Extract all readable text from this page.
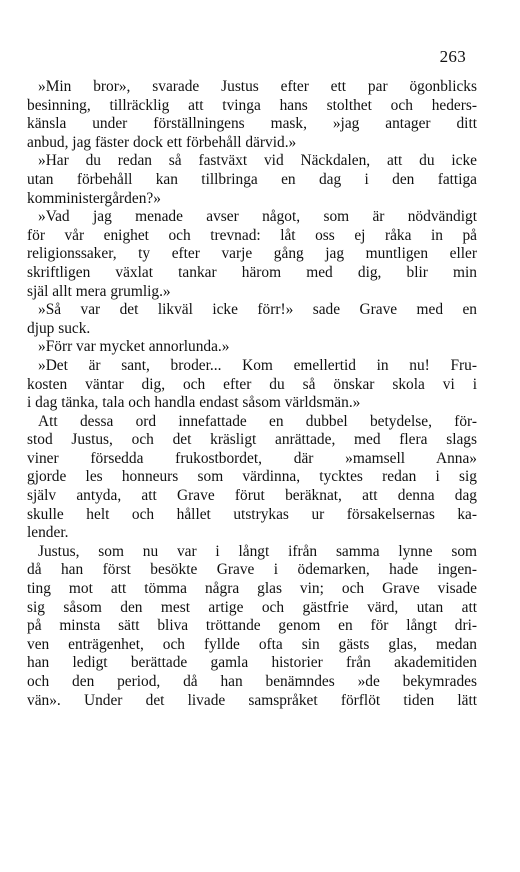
263
»Min bror», svarade Justus efter ett par ögonblicks
besinning, tillräcklig att tvinga hans stolthet och heders-
känsla under förställningens mask, »jag antager ditt
anbud, jag fäster dock ett förbehåll därvid.»
»Har du redan så fastväxt vid Näckdalen, att du icke
utan förbehåll kan tillbringa en dag i den fattiga
komministergården?»
»Vad jag menade avser något, som är nödvändigt
för vår enighet och trevnad: låt oss ej råka in på
religionssaker, ty efter varje gång jag muntligen eller
skriftligen växlat tankar härom med dig, blir min
själ allt mera grumlig.»
»Så var det likväl icke förr!» sade Grave med en
djup suck.
»Förr var mycket annorlunda.»
»Det är sant, broder... Kom emellertid in nu! Fru-
kosten väntar dig, och efter du så önskar skola vi i
i dag tänka, tala och handla endast såsom världsmän.»
Att dessa ord innefattade en dubbel betydelse, för-
stod Justus, och det kräsligt anrättade, med flera slags
viner försedda frukostbordet, där »mamsell Anna»
gjorde les honneurs som värdinna, tycktes redan i sig
själv antyda, att Grave förut beräknat, att denna dag
skulle helt och hållet utstrykas ur försakelsernas ka-
lender.
Justus, som nu var i långt ifrån samma lynne som
då han först besökte Grave i ödemarken, hade ingen-
ting mot att tömma några glas vin; och Grave visade
sig såsom den mest artige och gästfrie värd, utan att
på minsta sätt bliva tröttande genom en för långt dri-
ven enträgenhet, och fyllde ofta sin gästs glas, medan
han ledigt berättade gamla historier från akademitiden
och den period, då han benämndes »de bekymrades
vän». Under det livade samspråket förflöt tiden lätt
